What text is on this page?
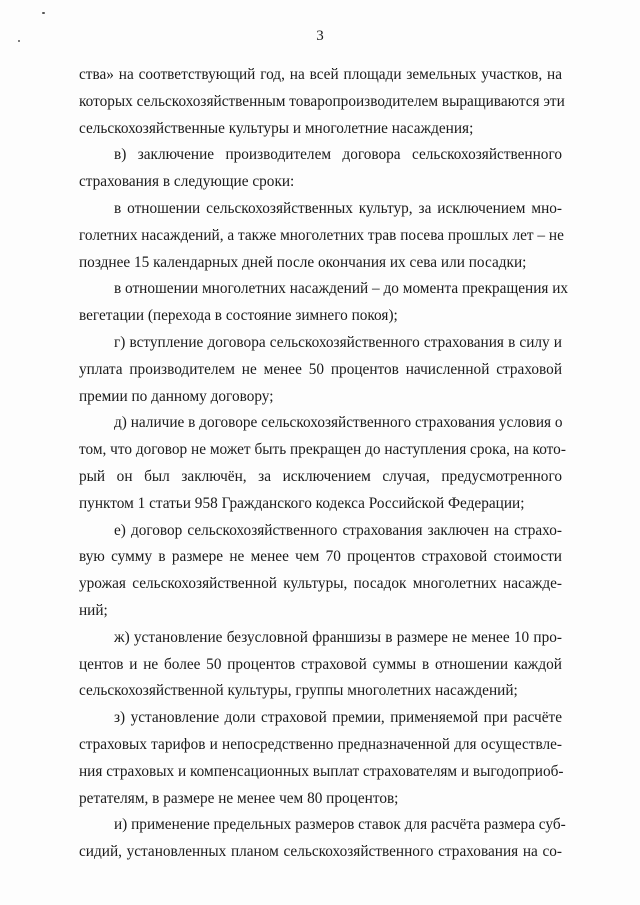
3
ства» на соответствующий год, на всей площади земельных участков, на
которых сельскохозяйственным товаропроизводителем выращиваются эти
сельскохозяйственные культуры и многолетние насаждения;
в) заключение производителем договора сельскохозяйственного
страхования в следующие сроки:
в отношении сельскохозяйственных культур, за исключением мно-
голетних насаждений, а также многолетних трав посева прошлых лет – не
позднее 15 календарных дней после окончания их сева или посадки;
в отношении многолетних насаждений – до момента прекращения их
вегетации (перехода в состояние зимнего покоя);
г) вступление договора сельскохозяйственного страхования в силу и
уплата производителем не менее 50 процентов начисленной страховой
премии по данному договору;
д) наличие в договоре сельскохозяйственного страхования условия о
том, что договор не может быть прекращен до наступления срока, на кото-
рый он был заключён, за исключением случая, предусмотренного
пунктом 1 статьи 958 Гражданского кодекса Российской Федерации;
е) договор сельскохозяйственного страхования заключен на страхо-
вую сумму в размере не менее чем 70 процентов страховой стоимости
урожая сельскохозяйственной культуры, посадок многолетних насажде-
ний;
ж) установление безусловной франшизы в размере не менее 10 про-
центов и не более 50 процентов страховой суммы в отношении каждой
сельскохозяйственной культуры, группы многолетних насаждений;
з) установление доли страховой премии, применяемой при расчёте
страховых тарифов и непосредственно предназначенной для осуществле-
ния страховых и компенсационных выплат страхователям и выгодоприоб-
ретателям, в размере не менее чем 80 процентов;
и) применение предельных размеров ставок для расчёта размера суб-
сидий, установленных планом сельскохозяйственного страхования на со-
